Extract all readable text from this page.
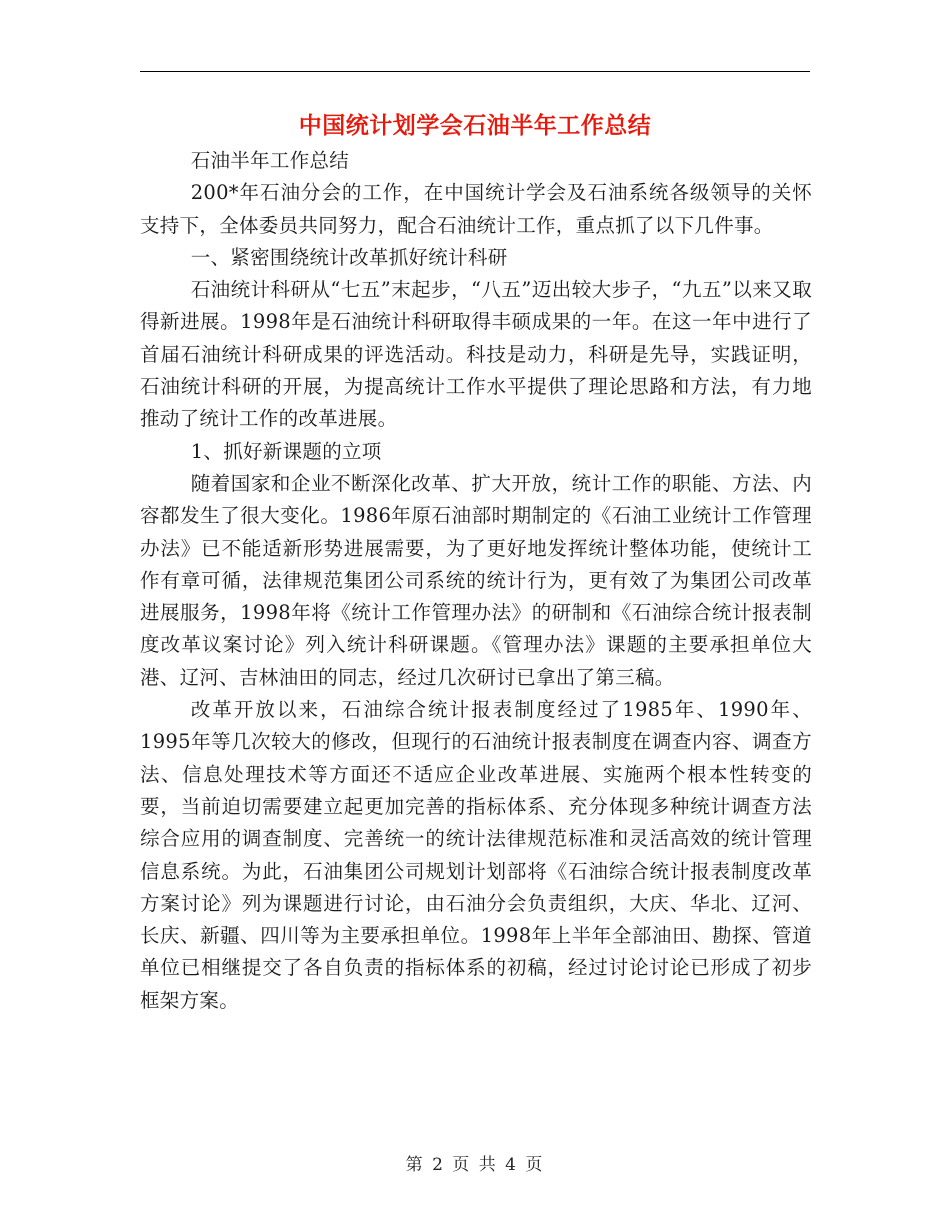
中国统计划学会石油半年工作总结

石油半年工作总结

200*年石油分会的工作，在中国统计学会及石油系统各级领导的关怀支持下，全体委员共同努力，配合石油统计工作，重点抓了以下几件事。

一、紧密围绕统计改革抓好统计科研

石油统计科研从“七五”末起步，“八五”迈出较大步子，“九五”以来又取得新进展。1998年是石油统计科研取得丰硕成果的一年。在这一年中进行了首届石油统计科研成果的评选活动。科技是动力，科研是先导，实践证明，石油统计科研的开展，为提高统计工作水平提供了理论思路和方法，有力地推动了统计工作的改革进展。

1、抓好新课题的立项

随着国家和企业不断深化改革、扩大开放，统计工作的职能、方法、内容都发生了很大变化。1986年原石油部时期制定的《石油工业统计工作管理办法》已不能适新形势进展需要，为了更好地发挥统计整体功能，使统计工作有章可循，法律规范集团公司系统的统计行为，更有效了为集团公司改革进展服务，1998年将《统计工作管理办法》的研制和《石油综合统计报表制度改革议案讨论》列入统计科研课题。《管理办法》课题的主要承担单位大港、辽河、吉林油田的同志，经过几次研讨已拿出了第三稿。

改革开放以来，石油综合统计报表制度经过了1985年、1990年、1995年等几次较大的修改，但现行的石油统计报表制度在调查内容、调查方法、信息处理技术等方面还不适应企业改革进展、实施两个根本性转变的要，当前迫切需要建立起更加完善的指标体系、充分体现多种统计调查方法综合应用的调查制度、完善统一的统计法律规范标准和灵活高效的统计管理信息系统。为此，石油集团公司规划计划部将《石油综合统计报表制度改革方案讨论》列为课题进行讨论，由石油分会负责组织，大庆、华北、辽河、长庆、新疆、四川等为主要承担单位。1998年上半年全部油田、勘探、管道单位已相继提交了各自负责的指标体系的初稿，经过讨论讨论已形成了初步框架方案。

第 2 页 共 4 页
